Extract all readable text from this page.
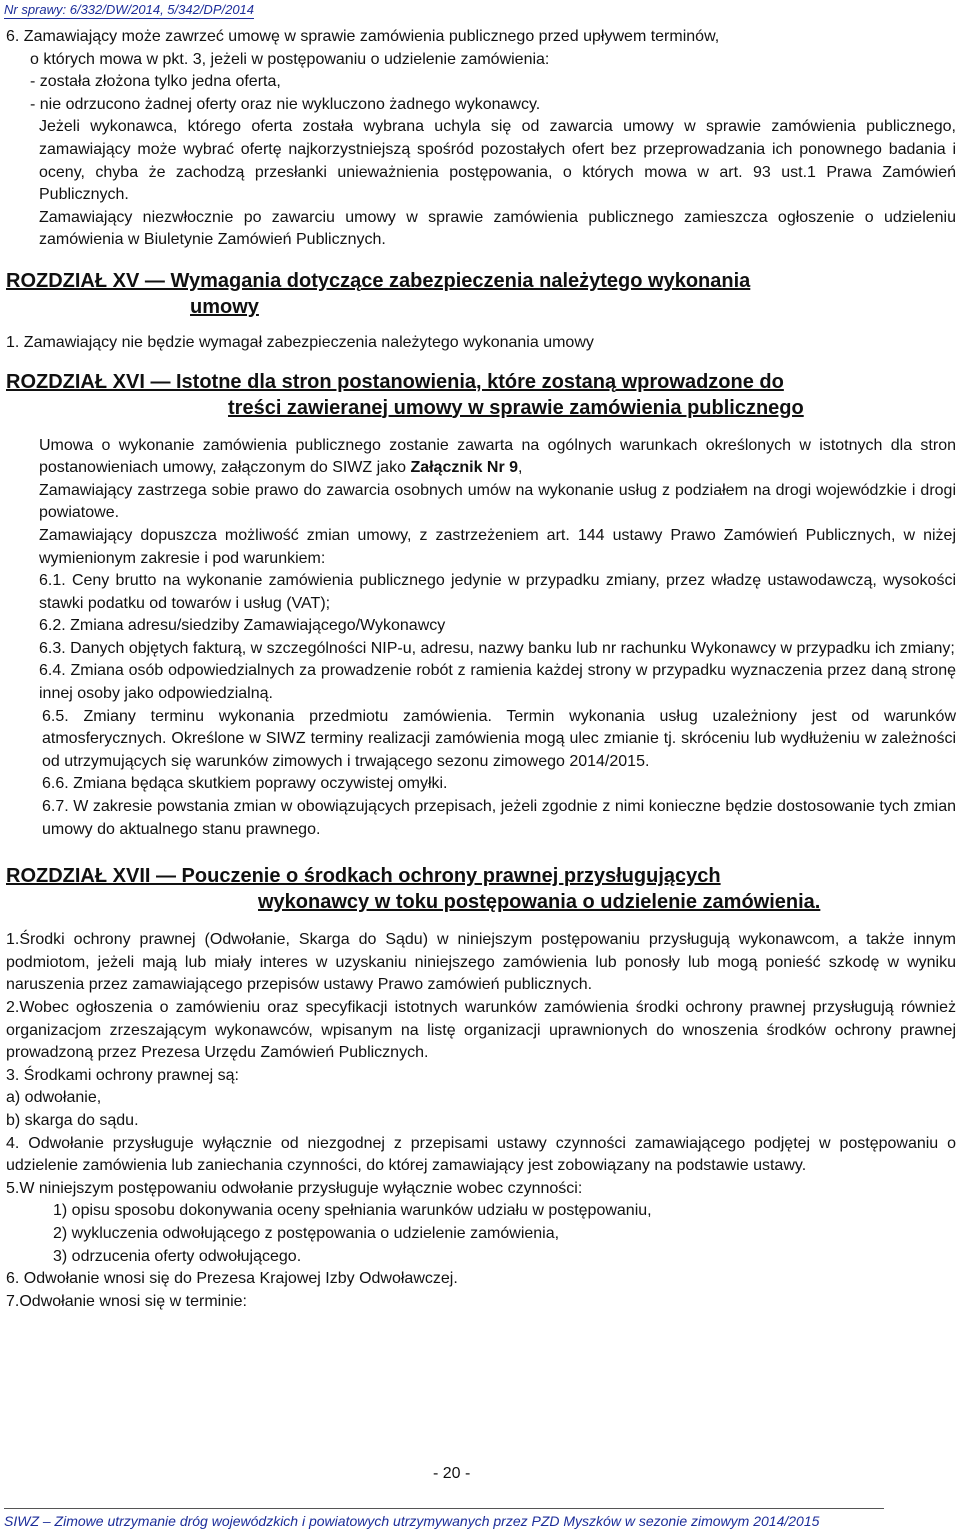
Nr sprawy: 6/332/DW/2014, 5/342/DP/2014

6. Zamawiający może zawrzeć umowę w sprawie zamówienia publicznego przed upływem terminów,

o których mowa w pkt. 3, jeżeli w postępowaniu o udzielenie zamówienia:

- została złożona tylko jedna oferta,

- nie odrzucono żadnej oferty oraz nie wykluczono żadnego wykonawcy.

Jeżeli wykonawca, którego oferta została wybrana uchyla się od zawarcia umowy w sprawie zamówienia publicznego, zamawiający może wybrać ofertę najkorzystniejszą spośród pozostałych ofert bez przeprowadzania ich ponownego badania i oceny, chyba że zachodzą przesłanki unieważnienia postępowania, o których mowa w art. 93 ust.1 Prawa Zamówień Publicznych.

Zamawiający niezwłocznie po zawarciu umowy w sprawie zamówienia publicznego zamieszcza ogłoszenie o udzieleniu zamówienia w Biuletynie Zamówień Publicznych.

ROZDZIAŁ XV — Wymagania dotyczące zabezpieczenia należytego wykonania
umowy

1. Zamawiający nie będzie wymagał zabezpieczenia należytego wykonania umowy

ROZDZIAŁ XVI — Istotne dla stron postanowienia, które zostaną wprowadzone do
treści zawieranej umowy w sprawie zamówienia publicznego

Umowa o wykonanie zamówienia publicznego zostanie zawarta na ogólnych warunkach określonych w istotnych dla stron postanowieniach umowy, załączonym do SIWZ jako Załącznik Nr 9,

Zamawiający zastrzega sobie prawo do zawarcia osobnych umów na wykonanie usług z podziałem na drogi wojewódzkie i drogi powiatowe.

Zamawiający dopuszcza możliwość zmian umowy, z zastrzeżeniem art. 144 ustawy Prawo Zamówień Publicznych, w niżej wymienionym zakresie i pod warunkiem:

6.1. Ceny brutto na wykonanie zamówienia publicznego jedynie w przypadku zmiany, przez władzę ustawodawczą, wysokości stawki podatku od towarów i usług (VAT);

6.2. Zmiana adresu/siedziby Zamawiającego/Wykonawcy

6.3. Danych objętych fakturą, w szczególności NIP-u, adresu, nazwy banku lub nr rachunku Wykonawcy w przypadku ich zmiany;

6.4. Zmiana osób odpowiedzialnych za prowadzenie robót z ramienia każdej strony w przypadku wyznaczenia przez daną stronę innej osoby jako odpowiedzialną.

6.5. Zmiany terminu wykonania przedmiotu zamówienia. Termin wykonania usług uzależniony jest od warunków atmosferycznych. Określone w SIWZ terminy realizacji zamówienia mogą ulec zmianie tj. skróceniu lub wydłużeniu w zależności od utrzymujących się warunków zimowych i trwającego sezonu zimowego 2014/2015.

6.6. Zmiana będąca skutkiem poprawy oczywistej omyłki.

6.7. W zakresie powstania zmian w obowiązujących przepisach, jeżeli zgodnie z nimi konieczne będzie dostosowanie tych zmian umowy do aktualnego stanu prawnego.

ROZDZIAŁ XVII — Pouczenie o środkach ochrony prawnej przysługujących
wykonawcy w toku postępowania o udzielenie zamówienia.

1.Środki ochrony prawnej (Odwołanie, Skarga do Sądu) w niniejszym postępowaniu przysługują wykonawcom, a także innym podmiotom, jeżeli mają lub miały interes w uzyskaniu niniejszego zamówienia lub ponosły lub mogą ponieść szkodę w wyniku naruszenia przez zamawiającego przepisów ustawy Prawo zamówień publicznych.

2.Wobec ogłoszenia o zamówieniu oraz specyfikacji istotnych warunków zamówienia środki ochrony prawnej przysługują również organizacjom zrzeszającym wykonawców, wpisanym na listę organizacji uprawnionych do wnoszenia środków ochrony prawnej prowadzoną przez Prezesa Urzędu Zamówień Publicznych.

3. Środkami ochrony prawnej są:

a) odwołanie,

b) skarga do sądu.

4. Odwołanie przysługuje wyłącznie od niezgodnej z przepisami ustawy czynności zamawiającego podjętej w postępowaniu o udzielenie zamówienia lub zaniechania czynności, do której zamawiający jest zobowiązany na podstawie ustawy.

5.W niniejszym postępowaniu odwołanie przysługuje wyłącznie wobec czynności:

1) opisu sposobu dokonywania oceny spełniania warunków udziału w postępowaniu,

2) wykluczenia odwołującego z postępowania o udzielenie zamówienia,

3) odrzucenia oferty odwołującego.

6. Odwołanie wnosi się do Prezesa Krajowej Izby Odwoławczej.

7.Odwołanie wnosi się w terminie:

- 20 -
SIWZ – Zimowe utrzymanie dróg wojewódzkich i powiatowych utrzymywanych przez PZD Myszków w sezonie zimowym 2014/2015
